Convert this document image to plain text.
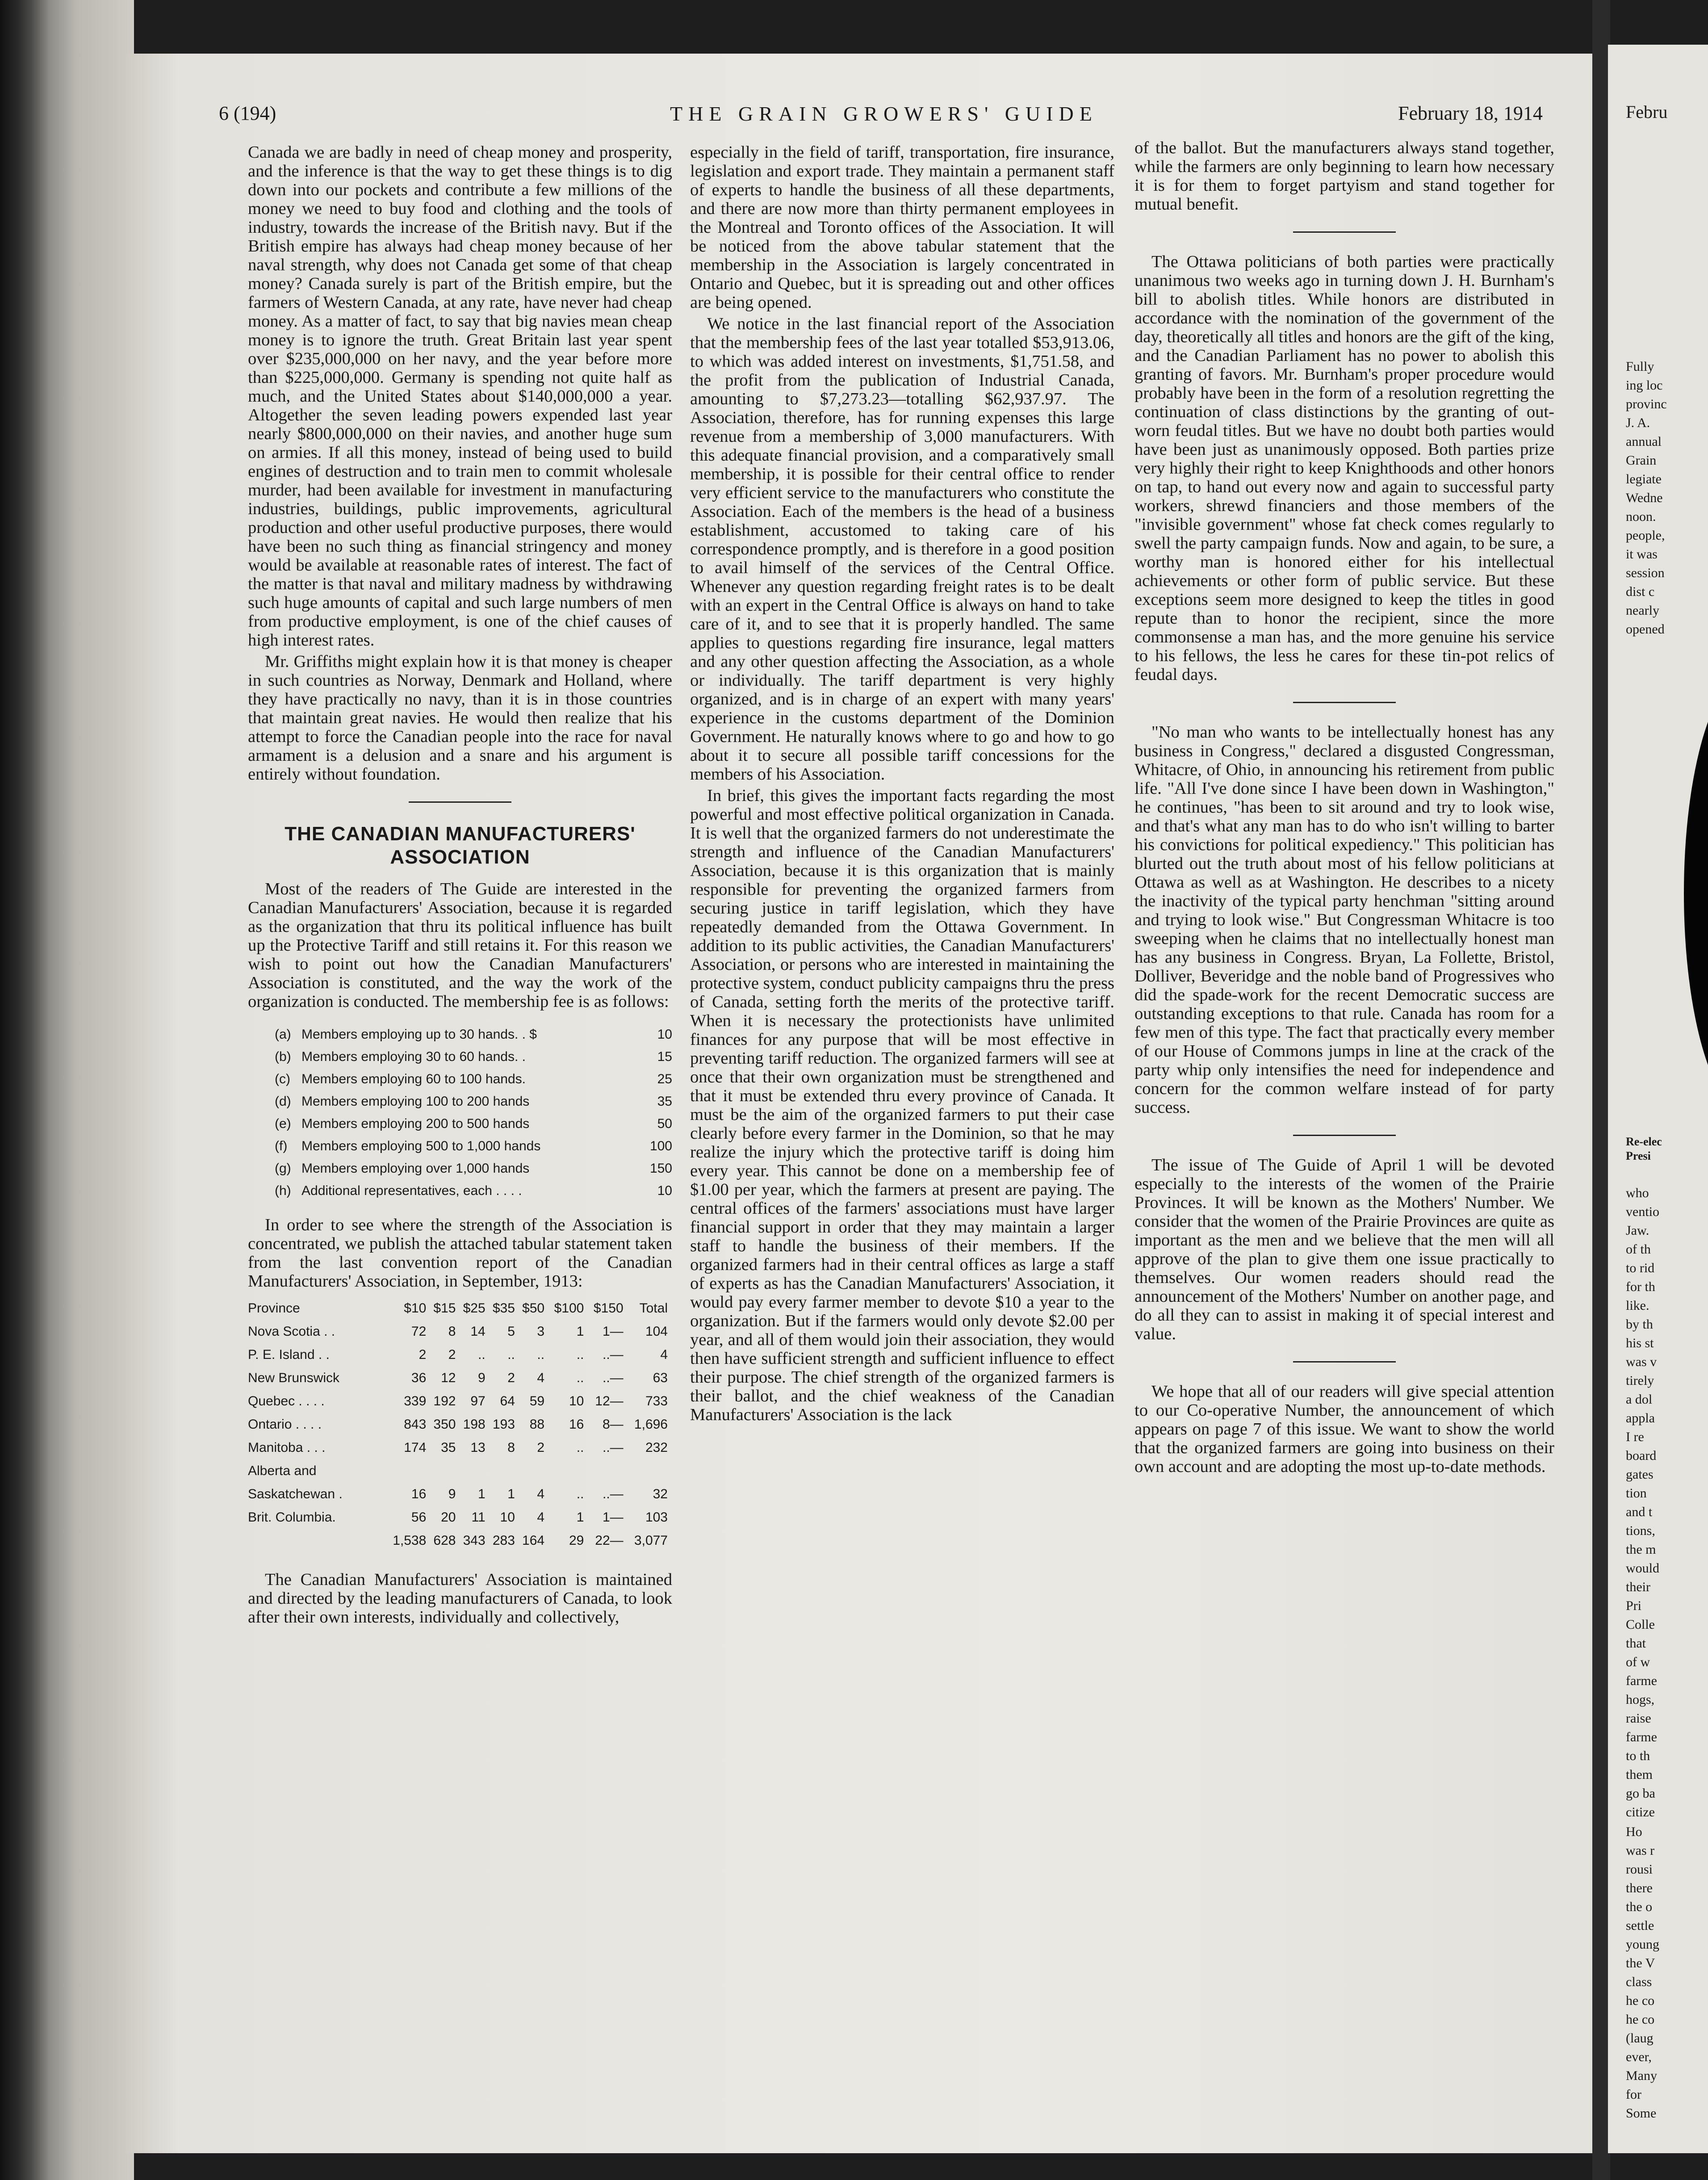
6 (194)	THE GRAIN GROWERS' GUIDE	February 18, 1914

Canada we are badly in need of cheap money and prosperity, and the inference is that the way to get these things is to dig down into our pockets and contribute a few millions of the money we need to buy food and clothing and the tools of industry, towards the increase of the British navy. But if the British empire has always had cheap money because of her naval strength, why does not Canada get some of that cheap money? Canada surely is part of the British empire, but the farmers of Western Canada, at any rate, have never had cheap money. As a matter of fact, to say that big navies mean cheap money is to ignore the truth. Great Britain last year spent over $235,000,000 on her navy, and the year before more than $225,000,000. Germany is spending not quite half as much, and the United States about $140,000,000 a year. Altogether the seven leading powers expended last year nearly $800,000,000 on their navies, and another huge sum on armies. If all this money, instead of being used to build engines of destruction and to train men to commit wholesale murder, had been available for investment in manufacturing industries, buildings, public improvements, agricultural production and other useful productive purposes, there would have been no such thing as financial stringency and money would be available at reasonable rates of interest. The fact of the matter is that naval and military madness by withdrawing such huge amounts of capital and such large numbers of men from productive employment, is one of the chief causes of high interest rates.

Mr. Griffiths might explain how it is that money is cheaper in such countries as Norway, Denmark and Holland, where they have practically no navy, than it is in those countries that maintain great navies. He would then realize that his attempt to force the Canadian people into the race for naval armament is a delusion and a snare and his argument is entirely without foundation.

THE CANADIAN MANUFACTURERS' ASSOCIATION

Most of the readers of The Guide are interested in the Canadian Manufacturers' Association, because it is regarded as the organization that thru its political influence has built up the Protective Tariff and still retains it. For this reason we wish to point out how the Canadian Manufacturers' Association is constituted, and the way the work of the organization is conducted. The membership fee is as follows:

(a) Members employing up to 30 hands. . $	10
(b) Members employing 30 to 60 hands. .	15
(c) Members employing 60 to 100 hands.	25
(d) Members employing 100 to 200 hands	35
(e) Members employing 200 to 500 hands	50
(f)	Members employing 500 to 1,000 hands	100
(g) Members employing over 1,000 hands	150
(h) Additional representatives, each . . . .	10

In order to see where the strength of the Association is concentrated, we publish the attached tabular statement taken from the last convention report of the Canadian Manufacturers' Association, in September, 1913:

Province	$10	$15	$25	$35	$50	$100	$150	Total
Nova Scotia . .	72	8	14	5	3	1	1—	104
P. E. Island . .	2	2	..	..	..	..	..—	4
New Brunswick	36	12	9	2	4	..	..—	63
Quebec . . . .	339	192	97	64	59	10	12—	733
Ontario . . . .	843	350	198	193	88	16	8—	1,696
Manitoba . . .	174	35	13	8	2	..	..—	232
Alberta and								
Saskatchewan .	16	9	1	1	4	..	..—	32
Brit. Columbia.	56	20	11	10	4	1	1—	103
	1,538	628	343	283	164	29	22—	3,077

The Canadian Manufacturers' Association is maintained and directed by the leading manufacturers of Canada, to look after their own interests, individually and collectively,

especially in the field of tariff, transportation, fire insurance, legislation and export trade. They maintain a permanent staff of experts to handle the business of all these departments, and there are now more than thirty permanent employees in the Montreal and Toronto offices of the Association. It will be noticed from the above tabular statement that the membership in the Association is largely concentrated in Ontario and Quebec, but it is spreading out and other offices are being opened.

We notice in the last financial report of the Association that the membership fees of the last year totalled $53,913.06, to which was added interest on investments, $1,751.58, and the profit from the publication of Industrial Canada, amounting to $7,273.23—totalling $62,937.97. The Association, therefore, has for running expenses this large revenue from a membership of 3,000 manufacturers. With this adequate financial provision, and a comparatively small membership, it is possible for their central office to render very efficient service to the manufacturers who constitute the Association. Each of the members is the head of a business establishment, accustomed to taking care of his correspondence promptly, and is therefore in a good position to avail himself of the services of the Central Office. Whenever any question regarding freight rates is to be dealt with an expert in the Central Office is always on hand to take care of it, and to see that it is properly handled. The same applies to questions regarding fire insurance, legal matters and any other question affecting the Association, as a whole or individually. The tariff department is very highly organized, and is in charge of an expert with many years' experience in the customs department of the Dominion Government. He naturally knows where to go and how to go about it to secure all possible tariff concessions for the members of his Association.

In brief, this gives the important facts regarding the most powerful and most effective political organization in Canada. It is well that the organized farmers do not underestimate the strength and influence of the Canadian Manufacturers' Association, because it is this organization that is mainly responsible for preventing the organized farmers from securing justice in tariff legislation, which they have repeatedly demanded from the Ottawa Government. In addition to its public activities, the Canadian Manufacturers' Association, or persons who are interested in maintaining the protective system, conduct publicity campaigns thru the press of Canada, setting forth the merits of the protective tariff. When it is necessary the protectionists have unlimited finances for any purpose that will be most effective in preventing tariff reduction. The organized farmers will see at once that their own organization must be strengthened and that it must be extended thru every province of Canada. It must be the aim of the organized farmers to put their case clearly before every farmer in the Dominion, so that he may realize the injury which the protective tariff is doing him every year. This cannot be done on a membership fee of $1.00 per year, which the farmers at present are paying. The central offices of the farmers' associations must have larger financial support in order that they may maintain a larger staff to handle the business of their members. If the organized farmers had in their central offices as large a staff of experts as has the Canadian Manufacturers' Association, it would pay every farmer member to devote $10 a year to the organization. But if the farmers would only devote $2.00 per year, and all of them would join their association, they would then have sufficient strength and sufficient influence to effect their purpose. The chief strength of the organized farmers is their ballot, and the chief weakness of the Canadian Manufacturers' Association is the lack

of the ballot. But the manufacturers always stand together, while the farmers are only beginning to learn how necessary it is for them to forget partyism and stand together for mutual benefit.

The Ottawa politicians of both parties were practically unanimous two weeks ago in turning down J. H. Burnham's bill to abolish titles. While honors are distributed in accordance with the nomination of the government of the day, theoretically all titles and honors are the gift of the king, and the Canadian Parliament has no power to abolish this granting of favors. Mr. Burnham's proper procedure would probably have been in the form of a resolution regretting the continuation of class distinctions by the granting of out-worn feudal titles. But we have no doubt both parties would have been just as unanimously opposed. Both parties prize very highly their right to keep Knighthoods and other honors on tap, to hand out every now and again to successful party workers, shrewd financiers and those members of the "invisible government" whose fat check comes regularly to swell the party campaign funds. Now and again, to be sure, a worthy man is honored either for his intellectual achievements or other form of public service. But these exceptions seem more designed to keep the titles in good repute than to honor the recipient, since the more commonsense a man has, and the more genuine his service to his fellows, the less he cares for these tin-pot relics of feudal days.

"No man who wants to be intellectually honest has any business in Congress," declared a disgusted Congressman, Whitacre, of Ohio, in announcing his retirement from public life. "All I've done since I have been down in Washington," he continues, "has been to sit around and try to look wise, and that's what any man has to do who isn't willing to barter his convictions for political expediency." This politician has blurted out the truth about most of his fellow politicians at Ottawa as well as at Washington. He describes to a nicety the inactivity of the typical party henchman "sitting around and trying to look wise." But Congressman Whitacre is too sweeping when he claims that no intellectually honest man has any business in Congress. Bryan, La Follette, Bristol, Dolliver, Beveridge and the noble band of Progressives who did the spade-work for the recent Democratic success are outstanding exceptions to that rule. Canada has room for a few men of this type. The fact that practically every member of our House of Commons jumps in line at the crack of the party whip only intensifies the need for independence and concern for the common welfare instead of for party success.

The issue of The Guide of April 1 will be devoted especially to the interests of the women of the Prairie Provinces. It will be known as the Mothers' Number. We consider that the women of the Prairie Provinces are quite as important as the men and we believe that the men will all approve of the plan to give them one issue practically to themselves. Our women readers should read the announcement of the Mothers' Number on another page, and do all they can to assist in making it of special interest and value.

We hope that all of our readers will give special attention to our Co-operative Number, the announcement of which appears on page 7 of this issue. We want to show the world that the organized farmers are going into business on their own account and are adopting the most up-to-date methods.

Febru
Fully
ing loc
provinc
J. A.
annual
Grain
legiate
Wedne
noon.
people,
it was
session
dist c
nearly
opened
Re-elec
Presi
who
ventio
Jaw.
of th
to rid
for th
like.
by th
his st
was v
tirely
a dol
appla
I re
board
gates
tion
and t
tions,
the m
would
their
Pri
Colle
that
of w
farme
hogs,
raise
farme
to th
them
go ba
citize
Ho
was r
rousi
there
the o
settle
young
the V
class
he co
he co
(laug
ever,
Many
for
Some
